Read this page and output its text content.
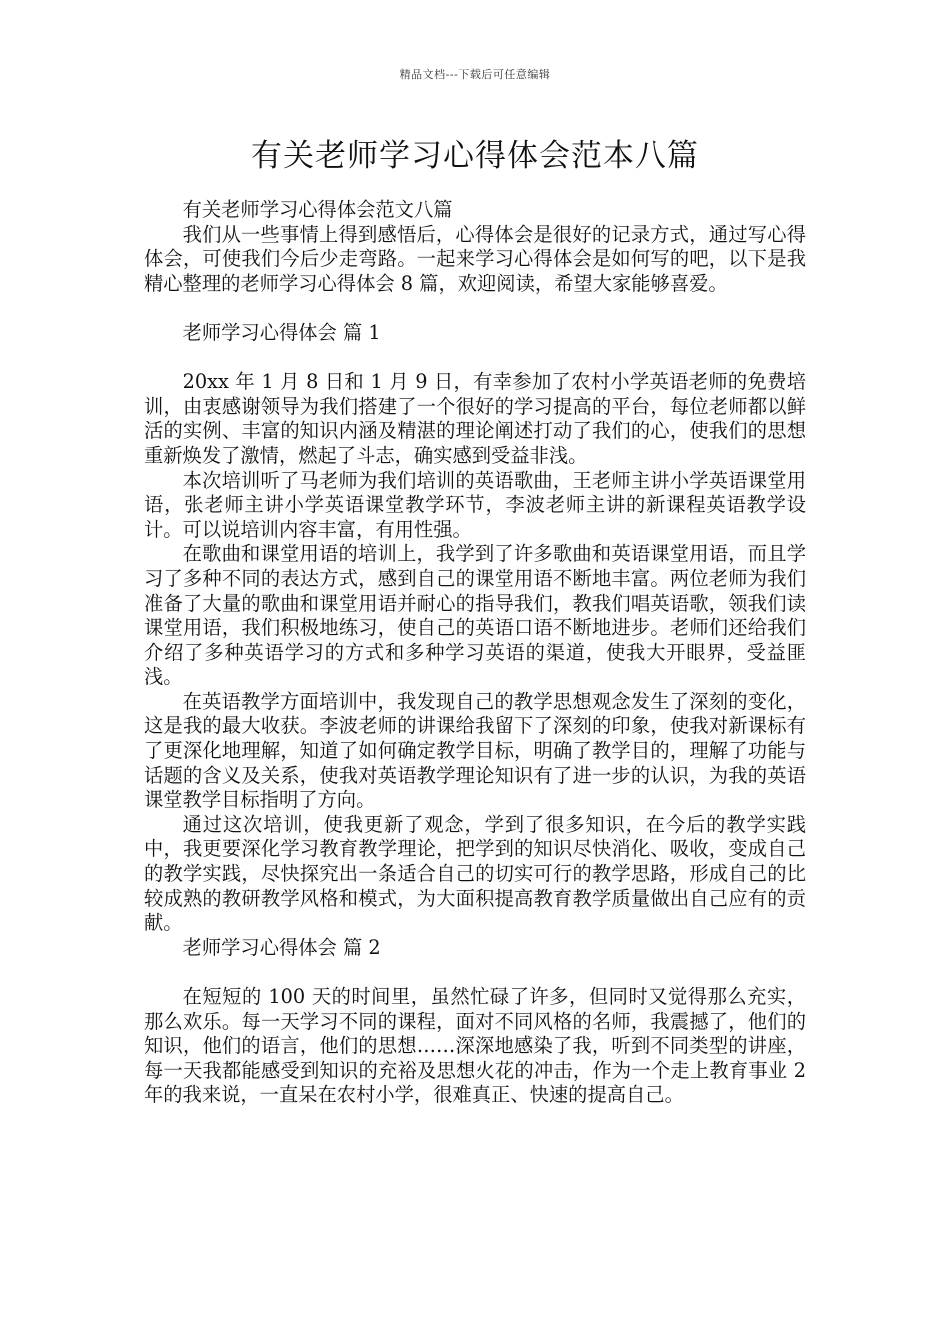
精品文档---下载后可任意编辑
有关老师学习心得体会范本八篇

有关老师学习心得体会范文八篇

我们从一些事情上得到感悟后，心得体会是很好的记录方式，通过写心得体会，可使我们今后少走弯路。一起来学习心得体会是如何写的吧，以下是我精心整理的老师学习心得体会 8 篇，欢迎阅读，希望大家能够喜爱。

老师学习心得体会 篇 1

20xx 年 1 月 8 日和 1 月 9 日，有幸参加了农村小学英语老师的免费培训，由衷感谢领导为我们搭建了一个很好的学习提高的平台，每位老师都以鲜活的实例、丰富的知识内涵及精湛的理论阐述打动了我们的心，使我们的思想重新焕发了激情，燃起了斗志，确实感到受益非浅。

本次培训听了马老师为我们培训的英语歌曲，王老师主讲小学英语课堂用语，张老师主讲小学英语课堂教学环节，李波老师主讲的新课程英语教学设计。可以说培训内容丰富，有用性强。

在歌曲和课堂用语的培训上，我学到了许多歌曲和英语课堂用语，而且学习了多种不同的表达方式，感到自己的课堂用语不断地丰富。两位老师为我们准备了大量的歌曲和课堂用语并耐心的指导我们，教我们唱英语歌，领我们读课堂用语，我们积极地练习，使自己的英语口语不断地进步。老师们还给我们介绍了多种英语学习的方式和多种学习英语的渠道，使我大开眼界，受益匪浅。

在英语教学方面培训中，我发现自己的教学思想观念发生了深刻的变化，这是我的最大收获。李波老师的讲课给我留下了深刻的印象，使我对新课标有了更深化地理解，知道了如何确定教学目标，明确了教学目的，理解了功能与话题的含义及关系，使我对英语教学理论知识有了进一步的认识，为我的英语课堂教学目标指明了方向。

通过这次培训，使我更新了观念，学到了很多知识，在今后的教学实践中，我更要深化学习教育教学理论，把学到的知识尽快消化、吸收，变成自己的教学实践，尽快探究出一条适合自己的切实可行的教学思路，形成自己的比较成熟的教研教学风格和模式，为大面积提高教育教学质量做出自己应有的贡献。

老师学习心得体会 篇 2

在短短的 100 天的时间里，虽然忙碌了许多，但同时又觉得那么充实，那么欢乐。每一天学习不同的课程，面对不同风格的名师，我震撼了，他们的知识，他们的语言，他们的思想……深深地感染了我，听到不同类型的讲座，每一天我都能感受到知识的充裕及思想火花的冲击，作为一个走上教育事业 2 年的我来说，一直呆在农村小学，很难真正、快速的提高自己。
